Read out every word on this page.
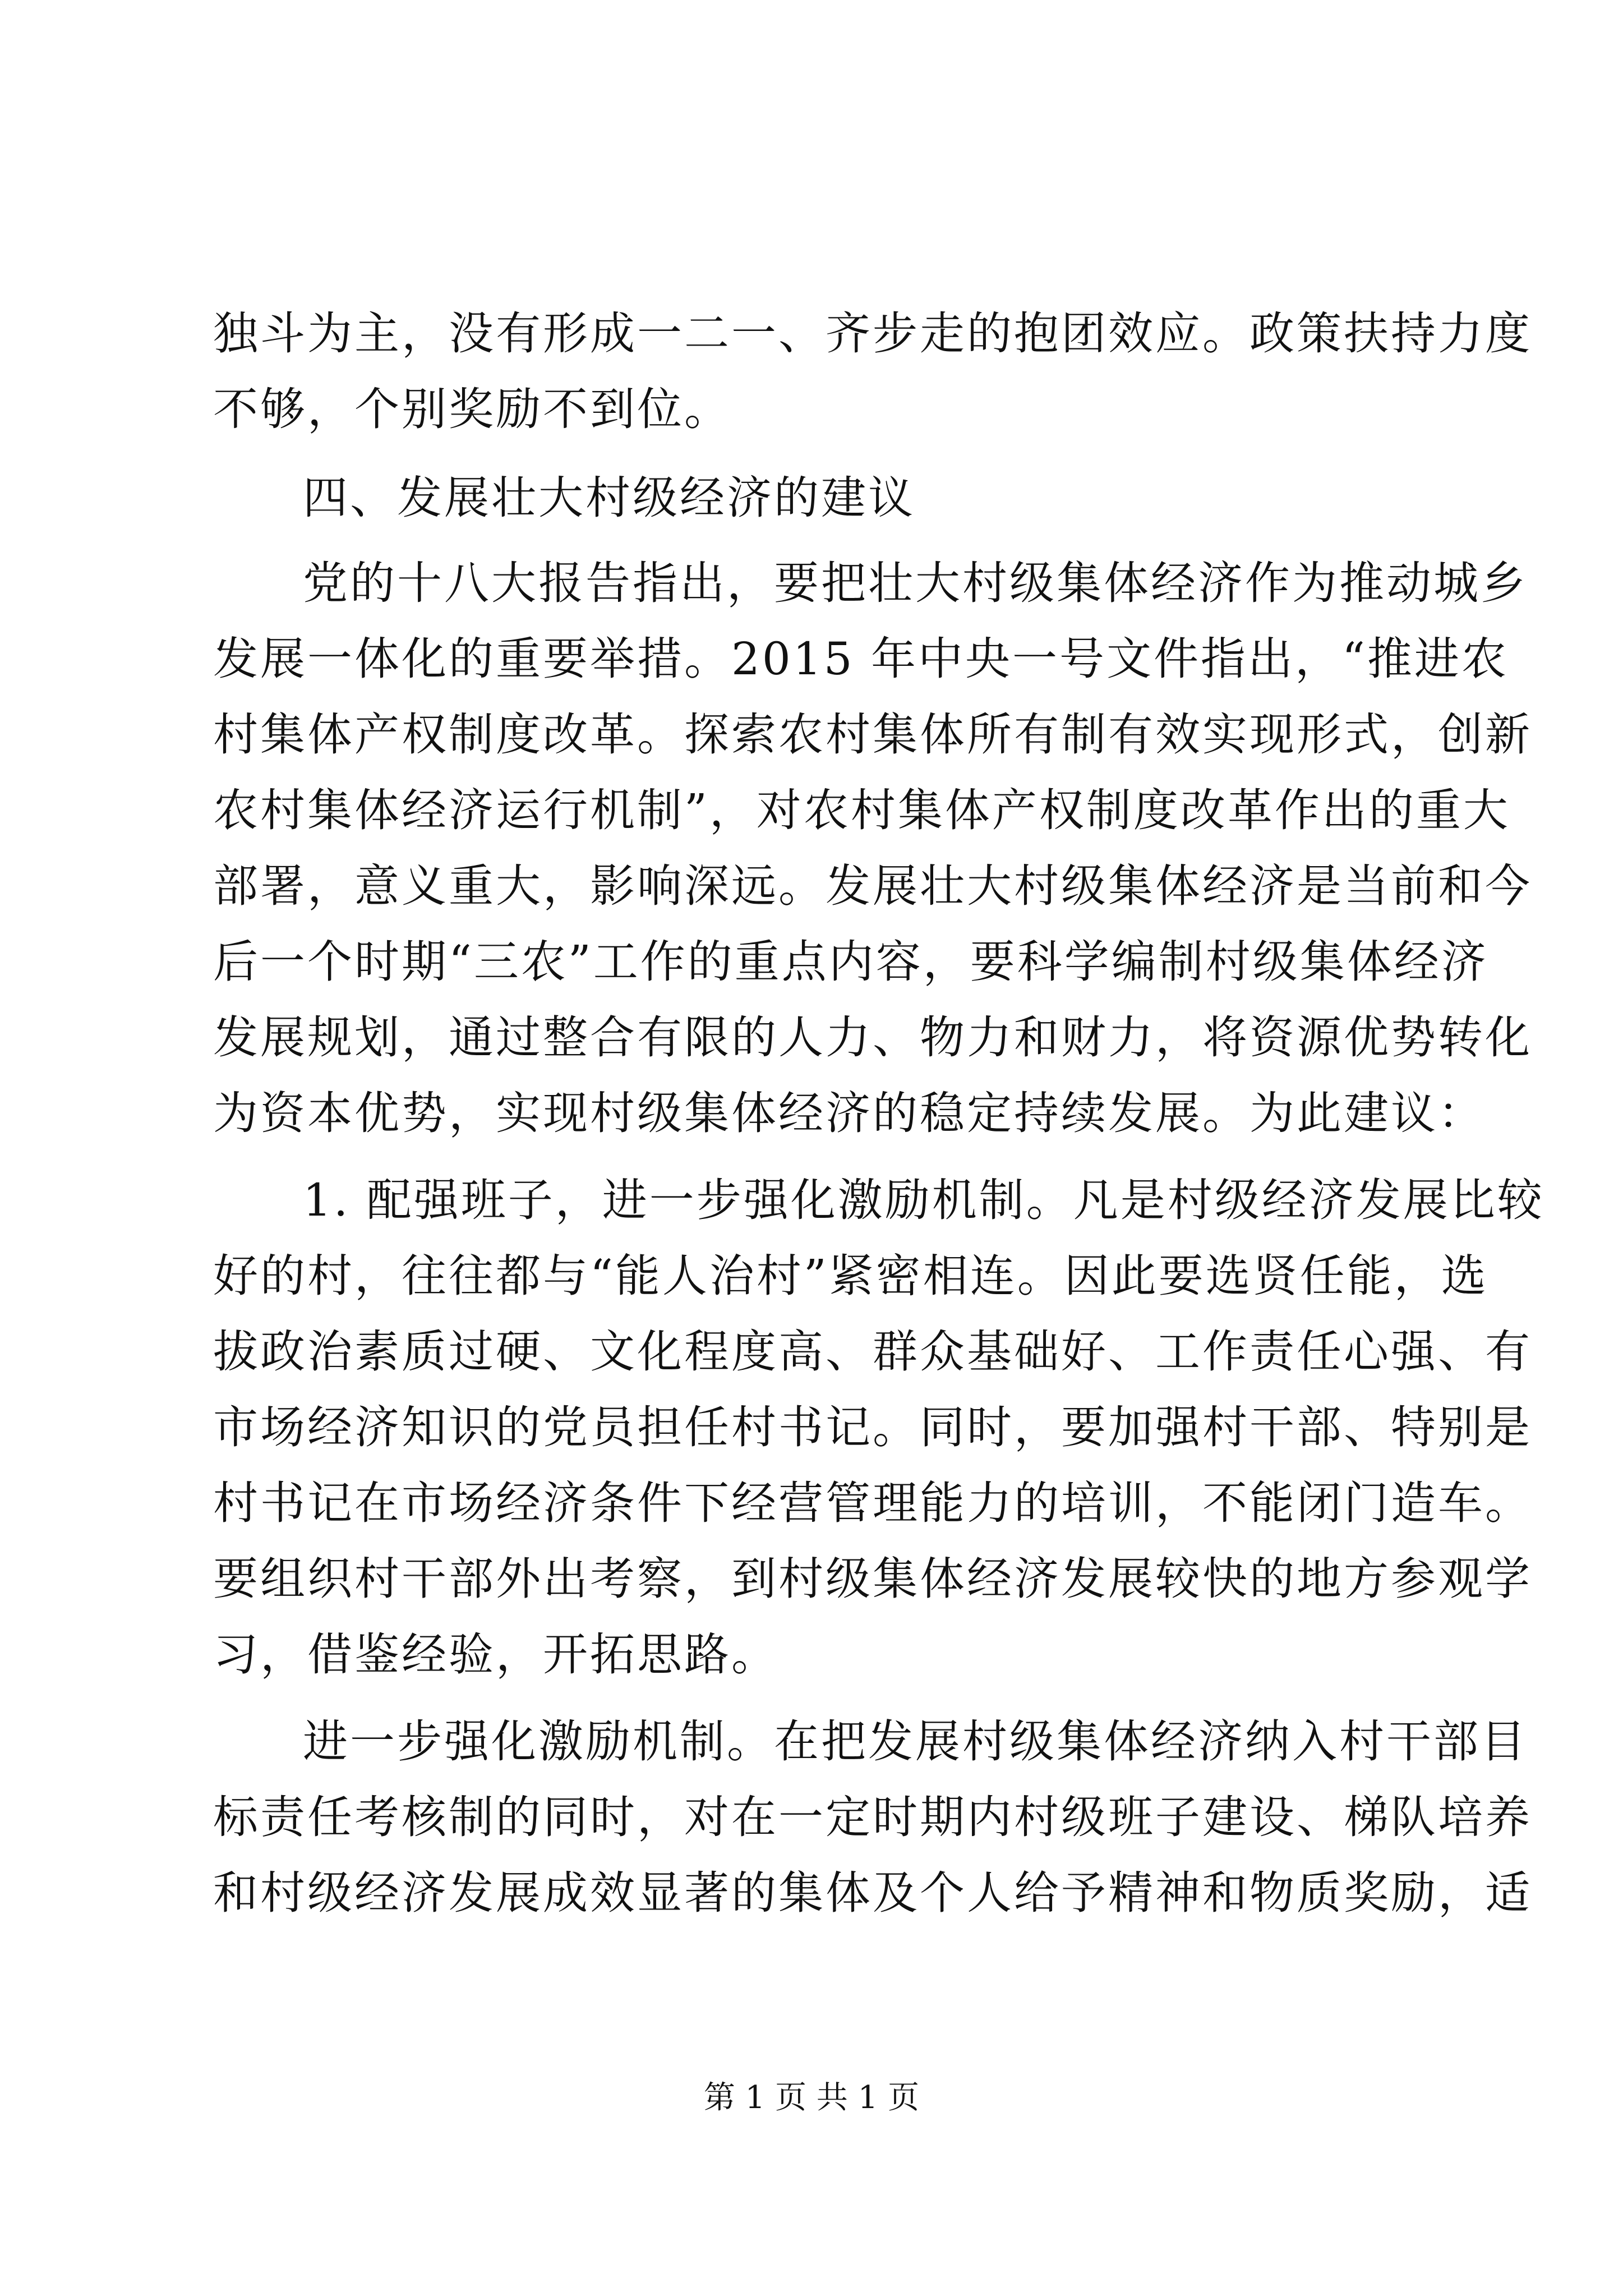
独斗为主，没有形成一二一、齐步走的抱团效应。政策扶持力度
不够，个别奖励不到位。
四、发展壮大村级经济的建议
党的十八大报告指出，要把壮大村级集体经济作为推动城乡
发展一体化的重要举措。2015 年中央一号文件指出，“推进农
村集体产权制度改革。探索农村集体所有制有效实现形式，创新
农村集体经济运行机制”，对农村集体产权制度改革作出的重大
部署，意义重大，影响深远。发展壮大村级集体经济是当前和今
后一个时期“三农”工作的重点内容，要科学编制村级集体经济
发展规划，通过整合有限的人力、物力和财力，将资源优势转化
为资本优势，实现村级集体经济的稳定持续发展。为此建议：
1. 配强班子，进一步强化激励机制。凡是村级经济发展比较
好的村，往往都与“能人治村”紧密相连。因此要选贤任能，选
拔政治素质过硬、文化程度高、群众基础好、工作责任心强、有
市场经济知识的党员担任村书记。同时，要加强村干部、特别是
村书记在市场经济条件下经营管理能力的培训，不能闭门造车。
要组织村干部外出考察，到村级集体经济发展较快的地方参观学
习，借鉴经验，开拓思路。
进一步强化激励机制。在把发展村级集体经济纳入村干部目
标责任考核制的同时，对在一定时期内村级班子建设、梯队培养
和村级经济发展成效显著的集体及个人给予精神和物质奖励，适
第 1 页 共 1 页
